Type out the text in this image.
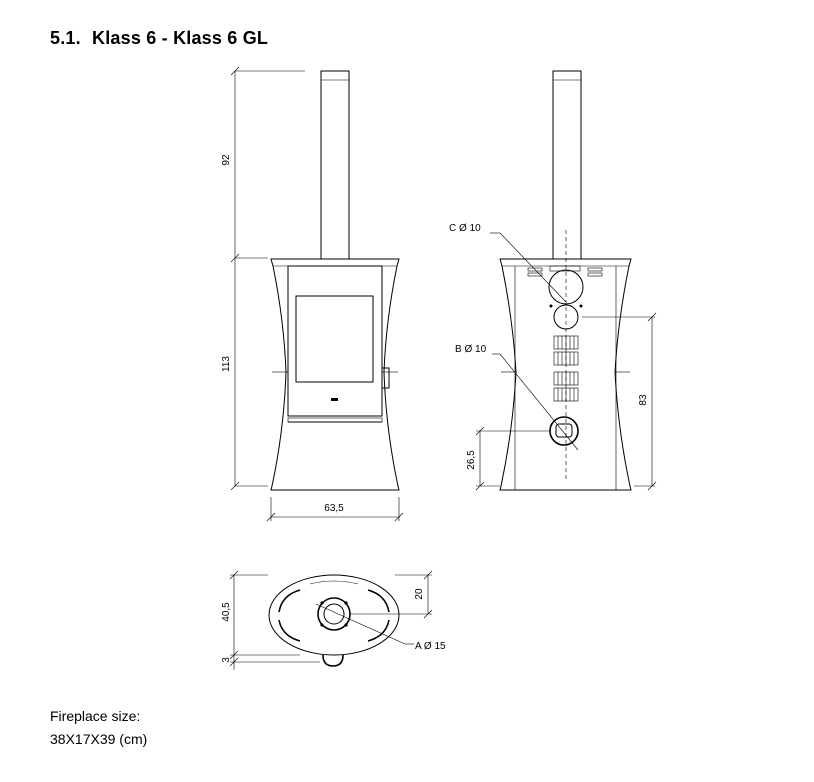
5.1. Klass 6 - Klass 6 GL
92
113
63,5
C Ø 10
B Ø 10
83
26,5
40,5
3
20
A Ø 15
Fireplace size:
38X17X39 (cm)
